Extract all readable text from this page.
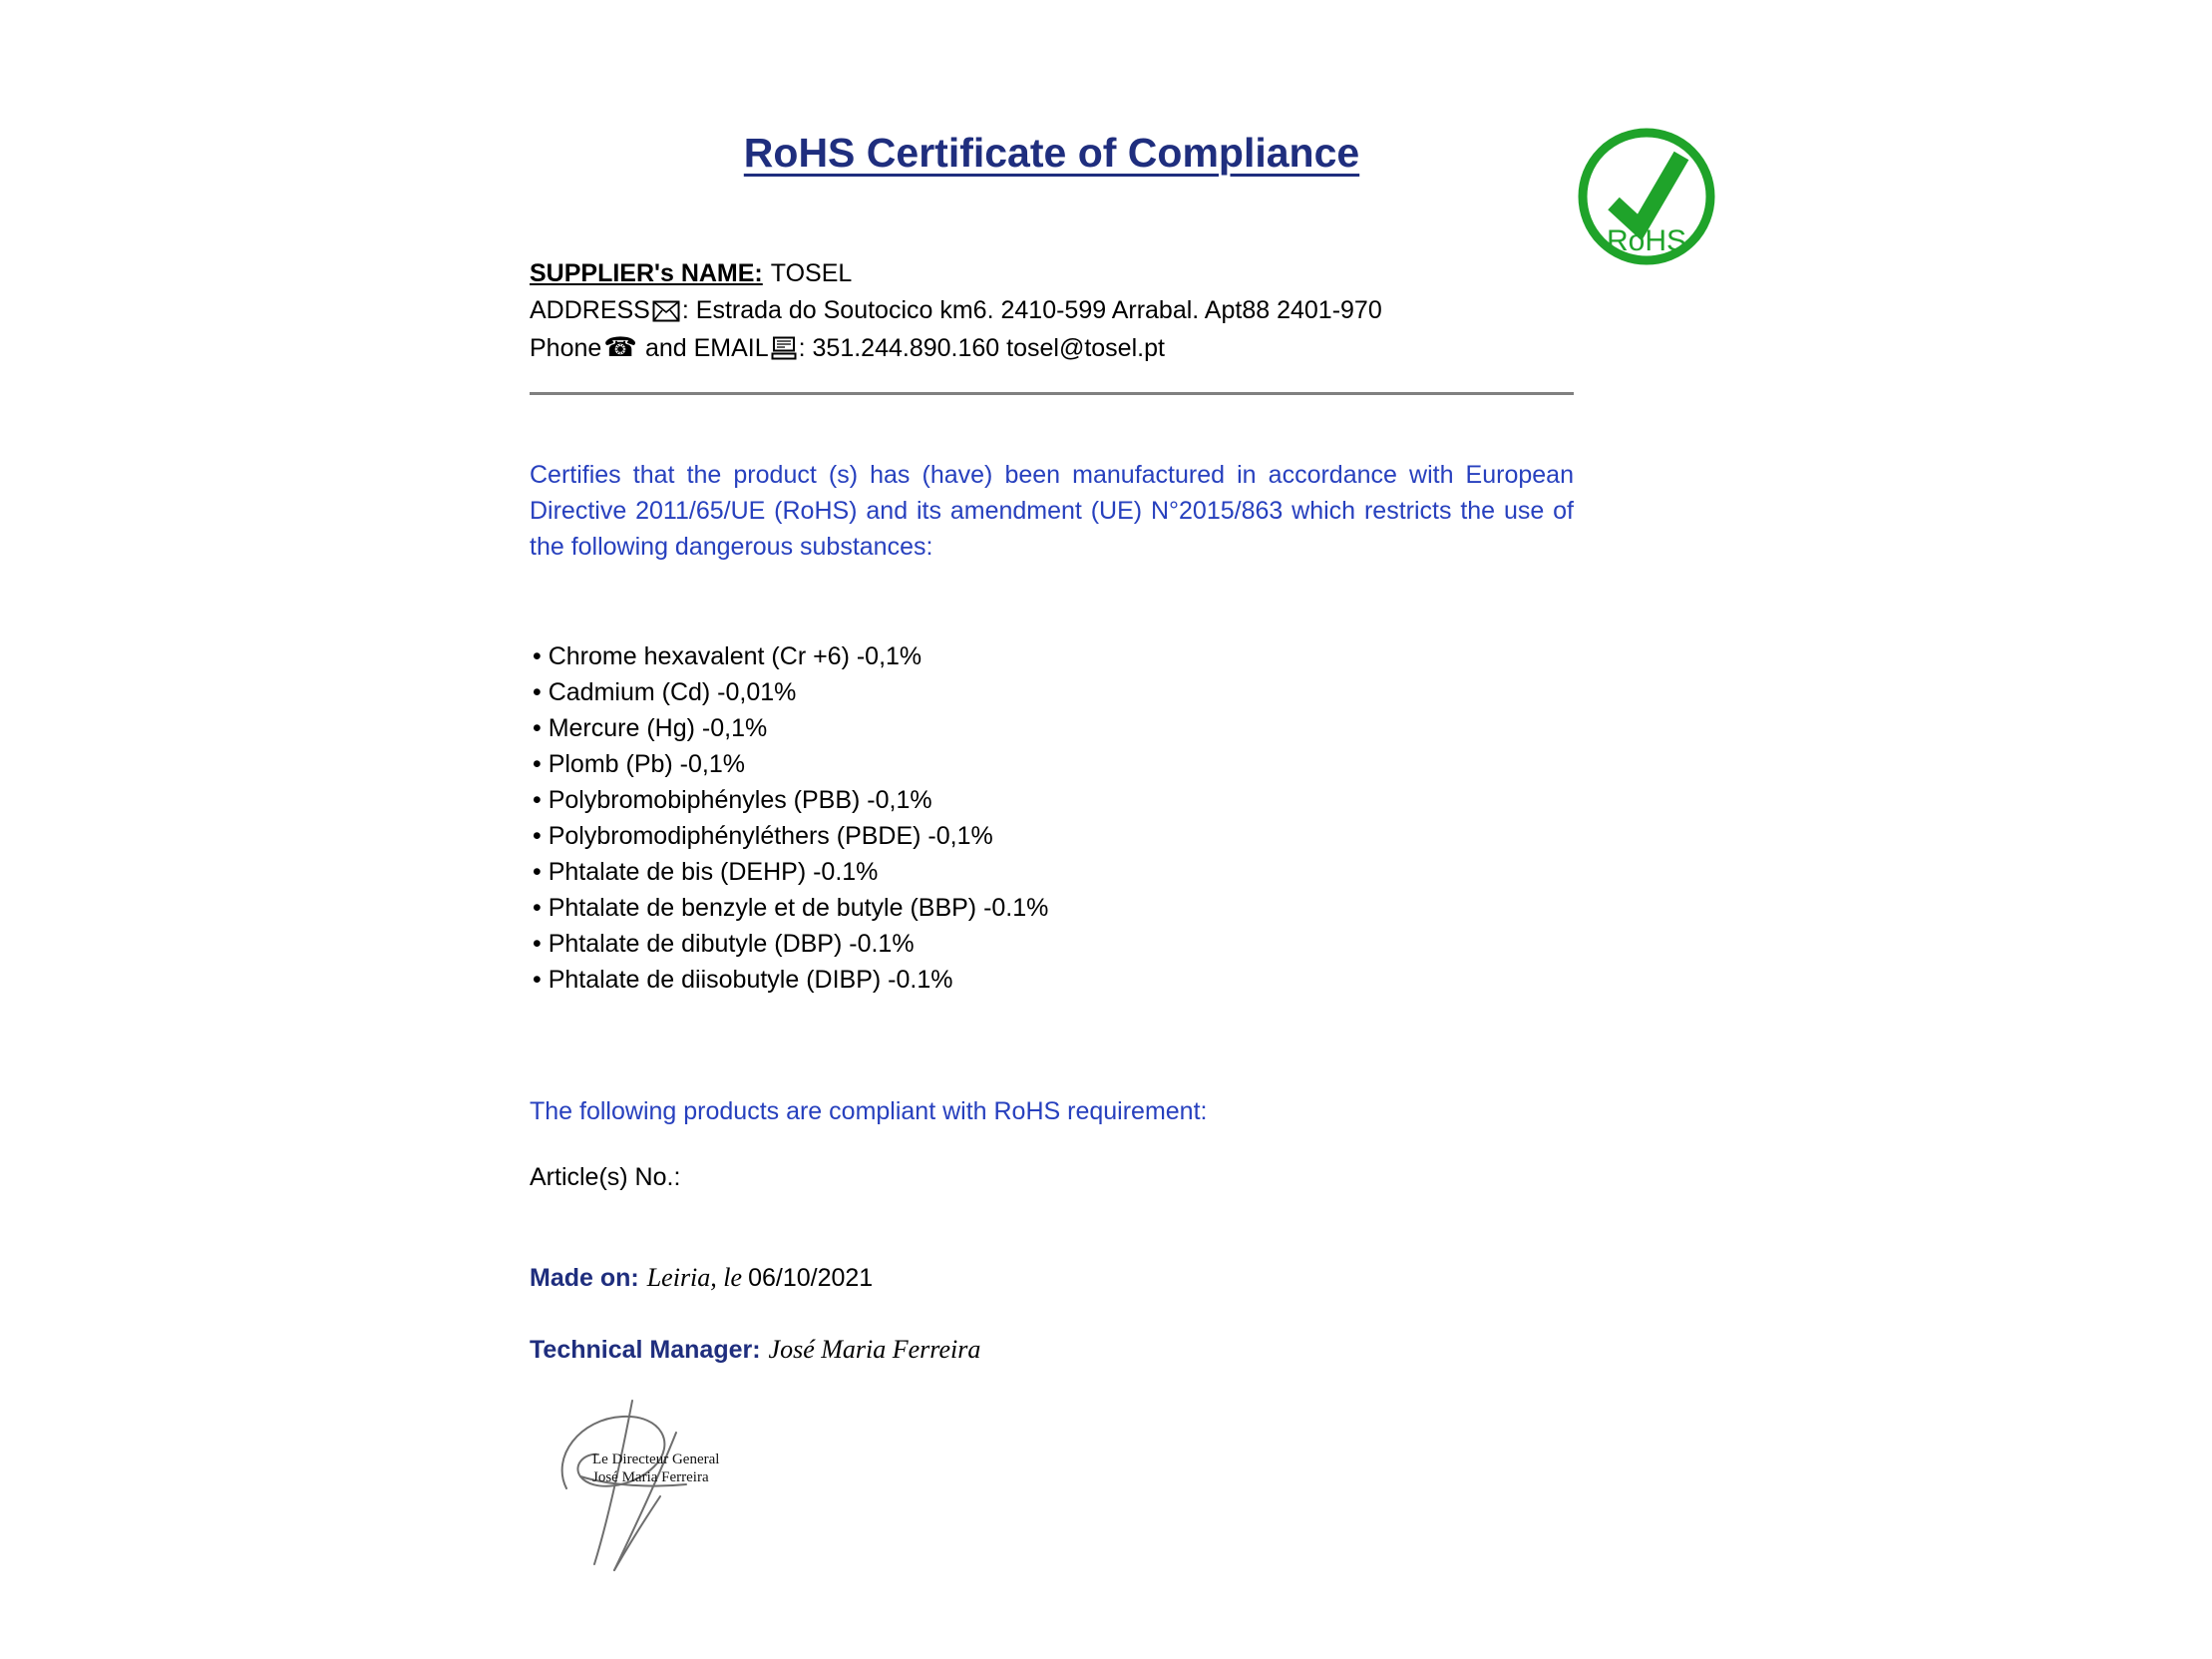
RoHS Certificate of Compliance
RoHS

SUPPLIER's NAME: TOSEL

ADDRESS : Estrada do Soutocico km6. 2410-599 Arrabal. Apt88 2401-970

Phone☎ and EMAIL : 351.244.890.160 tosel@tosel.pt

Certifies that the product (s) has (have) been manufactured in accordance with European Directive 2011/65/UE (RoHS) and its amendment (UE) N°2015/863 which restricts the use of the following dangerous substances:

• Chrome hexavalent (Cr +6) -0,1%
• Cadmium (Cd) -0,01%
• Mercure (Hg) -0,1%
• Plomb (Pb) -0,1%
• Polybromobiphényles (PBB) -0,1%
• Polybromodiphényléthers (PBDE) -0,1%
• Phtalate de bis (DEHP) -0.1%
• Phtalate de benzyle et de butyle (BBP) -0.1%
• Phtalate de dibutyle (DBP) -0.1%
• Phtalate de diisobutyle (DIBP) -0.1%

The following products are compliant with RoHS requirement:

Article(s) No.:

Made on: Leiria, le 06/10/2021

Technical Manager: José Maria Ferreira

Le Directeur General
José Maria Ferreira
